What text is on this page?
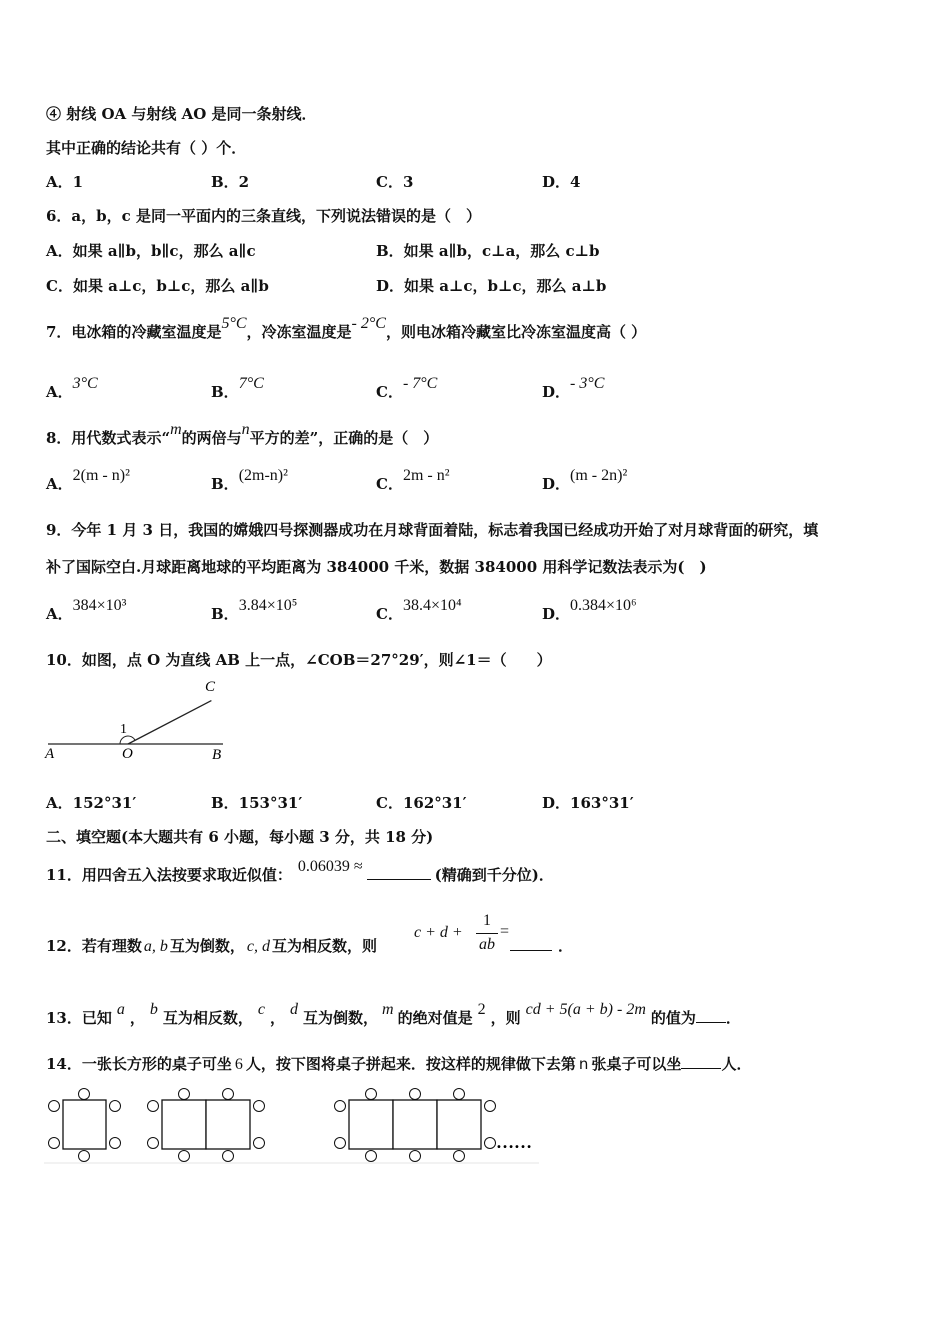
④ 射线 OA 与射线 AO 是同一条射线．
其中正确的结论共有（ ）个．
A．1	B．2	C．3	D．4
6．a，b，c 是同一平面内的三条直线，下列说法错误的是（　）
A．如果 a∥b，b∥c，那么 a∥c	B．如果 a∥b，c⊥a，那么 c⊥b
C．如果 a⊥c，b⊥c，那么 a∥b	D．如果 a⊥c，b⊥c，那么 a⊥b
7．电冰箱的冷藏室温度是5°C，冷冻室温度是- 2°C，则电冰箱冷藏室比冷冻室温度高（ ）
A．3°C	B．7°C	C．- 7°C	D．- 3°C
8．用代数式表示“m的两倍与n平方的差”，正确的是（　）
A．2(m - n)²	B．(2m-n)²	C．2m - n²	D．(m - 2n)²
9．今年 1 月 3 日，我国的嫦娥四号探测器成功在月球背面着陆，标志着我国已经成功开始了对月球背面的研究，填
补了国际空白.月球距离地球的平均距离为 384000 千米，数据 384000 用科学记数法表示为(　)
A．384×10³	B．3.84×10⁵	C．38.4×10⁴	D．0.384×10⁶
10．如图，点 O 为直线 AB 上一点，∠COB＝27°29′，则∠1＝（　　）
C
A	O	B
1
A．152°31′	B．153°31′	C．162°31′	D．163°31′
二、填空题(本大题共有 6 小题，每小题 3 分，共 18 分)
11．用四舍五入法按要求取近似值： 0.06039 ≈	(精确到千分位)．
12．若有理数 a, b 互为倒数， c, d 互为相反数，则
c + d +
1
ab
=
．
13．已知 a ， b 互为相反数， c ， d 互为倒数， m 的绝对值是 2 ，则 cd + 5(a + b) - 2m 的值为 ．
14．一张长方形的桌子可坐 6 人，按下图将桌子拼起来．按这样的规律做下去第 n 张桌子可以坐	人．
……
